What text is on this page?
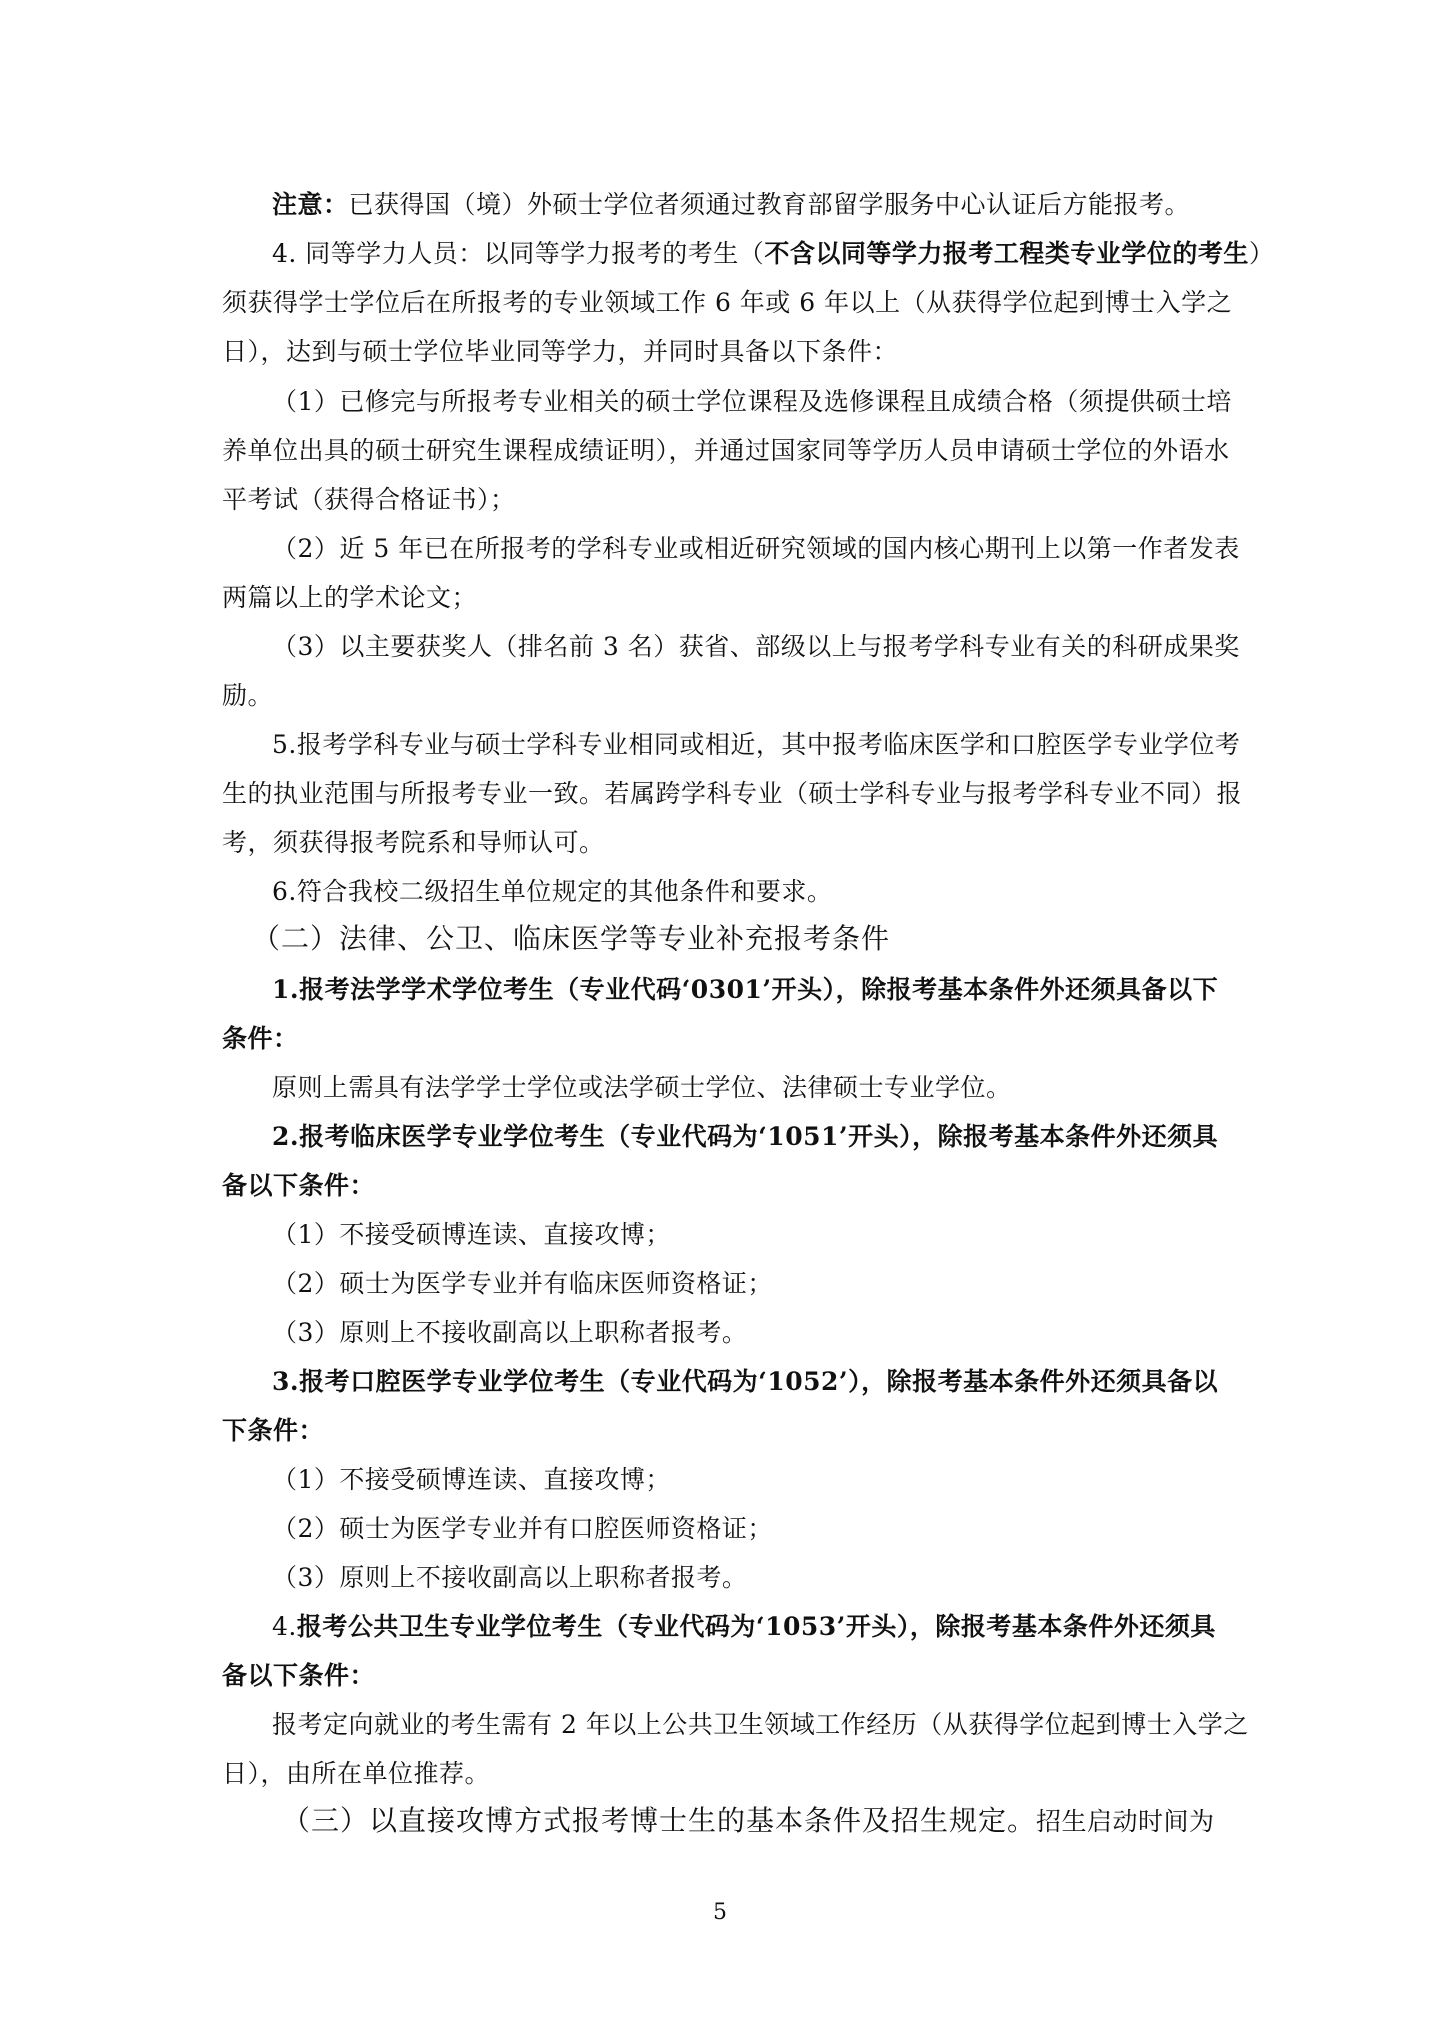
注意：已获得国（境）外硕士学位者须通过教育部留学服务中心认证后方能报考。
4. 同等学力人员：以同等学力报考的考生（不含以同等学力报考工程类专业学位的考生）
须获得学士学位后在所报考的专业领域工作 6 年或 6 年以上（从获得学位起到博士入学之
日），达到与硕士学位毕业同等学力，并同时具备以下条件：
（1）已修完与所报考专业相关的硕士学位课程及选修课程且成绩合格（须提供硕士培
养单位出具的硕士研究生课程成绩证明），并通过国家同等学历人员申请硕士学位的外语水
平考试（获得合格证书）；
（2）近 5 年已在所报考的学科专业或相近研究领域的国内核心期刊上以第一作者发表
两篇以上的学术论文；
（3）以主要获奖人（排名前 3 名）获省、部级以上与报考学科专业有关的科研成果奖
励。
5.报考学科专业与硕士学科专业相同或相近，其中报考临床医学和口腔医学专业学位考
生的执业范围与所报考专业一致。若属跨学科专业（硕士学科专业与报考学科专业不同）报
考，须获得报考院系和导师认可。
6.符合我校二级招生单位规定的其他条件和要求。
（二）法律、公卫、临床医学等专业补充报考条件
1.报考法学学术学位考生（专业代码‘0301’开头），除报考基本条件外还须具备以下
条件：
原则上需具有法学学士学位或法学硕士学位、法律硕士专业学位。
2.报考临床医学专业学位考生（专业代码为‘1051’开头），除报考基本条件外还须具
备以下条件：
（1）不接受硕博连读、直接攻博；
（2）硕士为医学专业并有临床医师资格证；
（3）原则上不接收副高以上职称者报考。
3.报考口腔医学专业学位考生（专业代码为‘1052’），除报考基本条件外还须具备以
下条件：
（1）不接受硕博连读、直接攻博；
（2）硕士为医学专业并有口腔医师资格证；
（3）原则上不接收副高以上职称者报考。
4.报考公共卫生专业学位考生（专业代码为‘1053’开头），除报考基本条件外还须具
备以下条件：
报考定向就业的考生需有 2 年以上公共卫生领域工作经历（从获得学位起到博士入学之
日），由所在单位推荐。
（三）以直接攻博方式报考博士生的基本条件及招生规定。招生启动时间为
5
